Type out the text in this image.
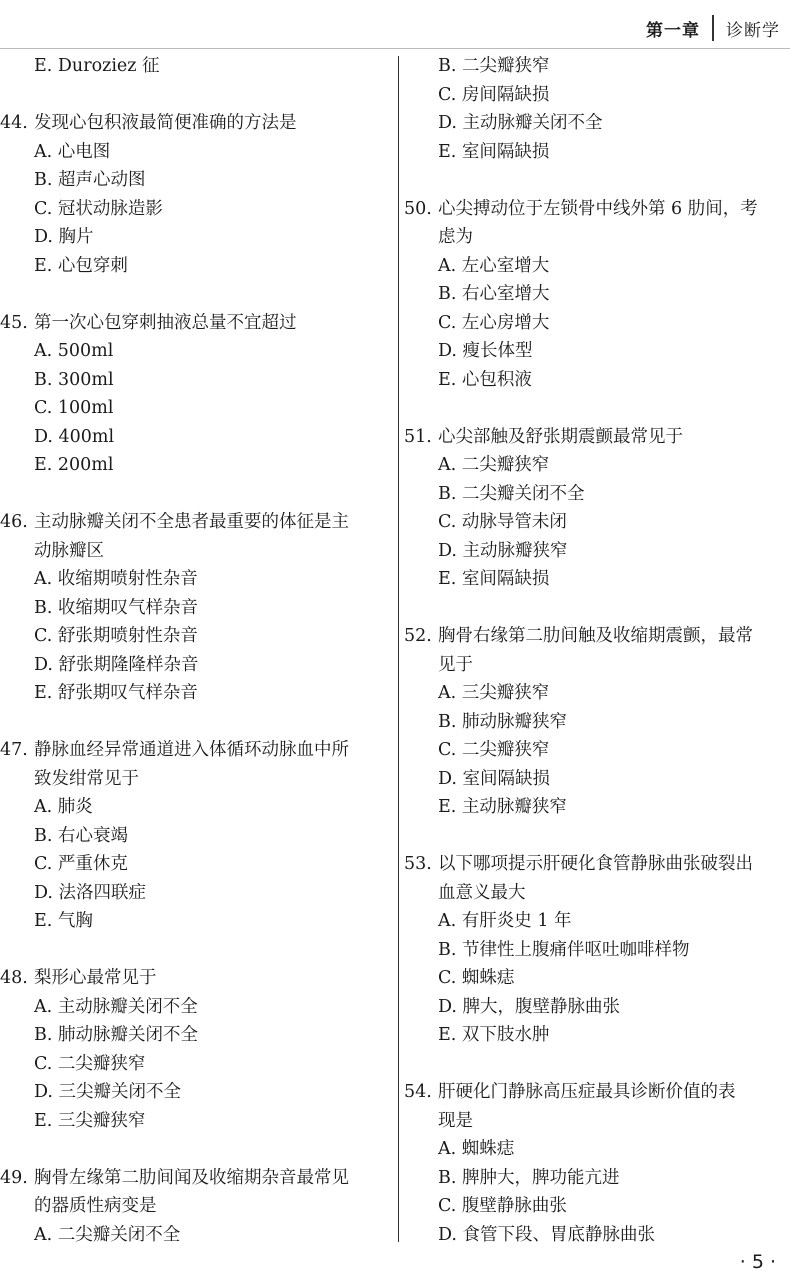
第一章 诊断学
E. Duroziez 征
44. 发现心包积液最简便准确的方法是
A. 心电图
B. 超声心动图
C. 冠状动脉造影
D. 胸片
E. 心包穿刺
45. 第一次心包穿刺抽液总量不宜超过
A. 500ml
B. 300ml
C. 100ml
D. 400ml
E. 200ml
46. 主动脉瓣关闭不全患者最重要的体征是主
动脉瓣区
A. 收缩期喷射性杂音
B. 收缩期叹气样杂音
C. 舒张期喷射性杂音
D. 舒张期隆隆样杂音
E. 舒张期叹气样杂音
47. 静脉血经异常通道进入体循环动脉血中所
致发绀常见于
A. 肺炎
B. 右心衰竭
C. 严重休克
D. 法洛四联症
E. 气胸
48. 梨形心最常见于
A. 主动脉瓣关闭不全
B. 肺动脉瓣关闭不全
C. 二尖瓣狭窄
D. 三尖瓣关闭不全
E. 三尖瓣狭窄
49. 胸骨左缘第二肋间闻及收缩期杂音最常见
的器质性病变是
A. 二尖瓣关闭不全
B. 二尖瓣狭窄
C. 房间隔缺损
D. 主动脉瓣关闭不全
E. 室间隔缺损
50. 心尖搏动位于左锁骨中线外第 6 肋间，考
虑为
A. 左心室增大
B. 右心室增大
C. 左心房增大
D. 瘦长体型
E. 心包积液
51. 心尖部触及舒张期震颤最常见于
A. 二尖瓣狭窄
B. 二尖瓣关闭不全
C. 动脉导管未闭
D. 主动脉瓣狭窄
E. 室间隔缺损
52. 胸骨右缘第二肋间触及收缩期震颤，最常
见于
A. 三尖瓣狭窄
B. 肺动脉瓣狭窄
C. 二尖瓣狭窄
D. 室间隔缺损
E. 主动脉瓣狭窄
53. 以下哪项提示肝硬化食管静脉曲张破裂出
血意义最大
A. 有肝炎史 1 年
B. 节律性上腹痛伴呕吐咖啡样物
C. 蜘蛛痣
D. 脾大，腹壁静脉曲张
E. 双下肢水肿
54. 肝硬化门静脉高压症最具诊断价值的表
现是
A. 蜘蛛痣
B. 脾肿大，脾功能亢进
C. 腹壁静脉曲张
D. 食管下段、胃底静脉曲张
· 5 ·
